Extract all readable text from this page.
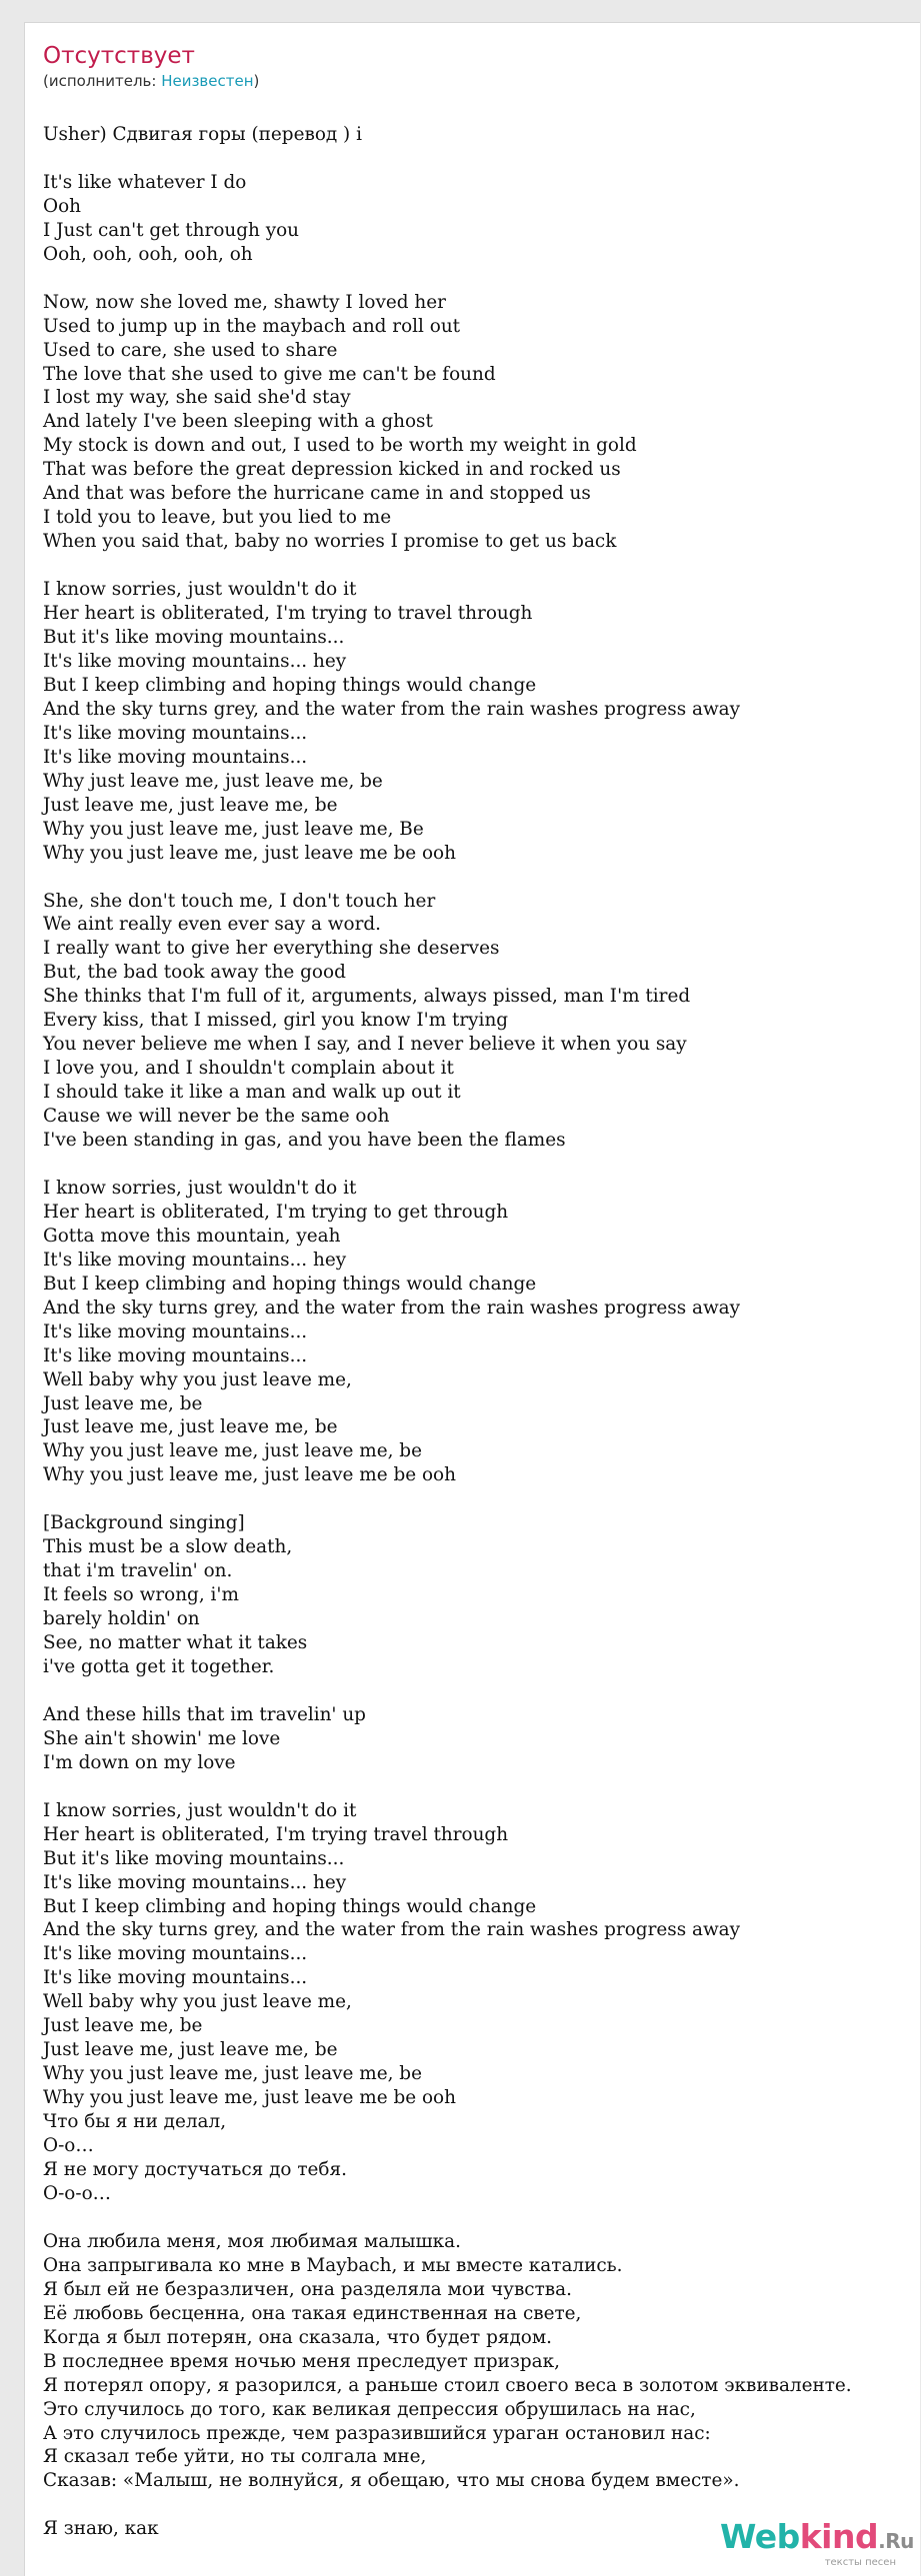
Отсутствует
(исполнитель: Неизвестен)
Usher) Сдвигая горы (перевод ) i

It's like whatever I do
Ooh
I Just can't get through you
Ooh, ooh, ooh, ooh, oh

Now, now she loved me, shawty I loved her
Used to jump up in the maybach and roll out
Used to care, she used to share
The love that she used to give me can't be found
I lost my way, she said she'd stay
And lately I've been sleeping with a ghost
My stock is down and out, I used to be worth my weight in gold
That was before the great depression kicked in and rocked us
And that was before the hurricane came in and stopped us
I told you to leave, but you lied to me
When you said that, baby no worries I promise to get us back

I know sorries, just wouldn't do it
Her heart is obliterated, I'm trying to travel through
But it's like moving mountains...
It's like moving mountains... hey
But I keep climbing and hoping things would change
And the sky turns grey, and the water from the rain washes progress away
It's like moving mountains...
It's like moving mountains...
Why just leave me, just leave me, be
Just leave me, just leave me, be
Why you just leave me, just leave me, Be
Why you just leave me, just leave me be ooh

She, she don't touch me, I don't touch her
We aint really even ever say a word.
I really want to give her everything she deserves
But, the bad took away the good
She thinks that I'm full of it, arguments, always pissed, man I'm tired
Every kiss, that I missed, girl you know I'm trying
You never believe me when I say, and I never believe it when you say
I love you, and I shouldn't complain about it
I should take it like a man and walk up out it
Cause we will never be the same ooh
I've been standing in gas, and you have been the flames

I know sorries, just wouldn't do it
Her heart is obliterated, I'm trying to get through
Gotta move this mountain, yeah
It's like moving mountains... hey
But I keep climbing and hoping things would change
And the sky turns grey, and the water from the rain washes progress away
It's like moving mountains...
It's like moving mountains...
Well baby why you just leave me,
Just leave me, be
Just leave me, just leave me, be
Why you just leave me, just leave me, be
Why you just leave me, just leave me be ooh

[Background singing]
This must be a slow death,
that i'm travelin' on.
It feels so wrong, i'm
barely holdin' on
See, no matter what it takes
i've gotta get it together.

And these hills that im travelin' up
She ain't showin' me love
I'm down on my love

I know sorries, just wouldn't do it
Her heart is obliterated, I'm trying travel through
But it's like moving mountains...
It's like moving mountains... hey
But I keep climbing and hoping things would change
And the sky turns grey, and the water from the rain washes progress away
It's like moving mountains...
It's like moving mountains...
Well baby why you just leave me,
Just leave me, be
Just leave me, just leave me, be
Why you just leave me, just leave me, be
Why you just leave me, just leave me be ooh
Что бы я ни делал,
О-о…
Я не могу достучаться до тебя.
О-о-о…

Она любила меня, моя любимая малышка.
Она запрыгивала ко мне в Maybach, и мы вместе катались.
Я был ей не безразличен, она разделяла мои чувства.
Её любовь бесценна, она такая единственная на свете,
Когда я был потерян, она сказала, что будет рядом.
В последнее время ночью меня преследует призрак,
Я потерял опору, я разорился, а раньше стоил своего веса в золотом эквиваленте.
Это случилось до того, как великая депрессия обрушилась на нас,
А это случилось прежде, чем разразившийся ураган остановил нас:
Я сказал тебе уйти, но ты солгала мне,
Сказав: «Малыш, не волнуйся, я обещаю, что мы снова будем вместе».

Я знаю, как	Webkind.Ru
тексты песен
